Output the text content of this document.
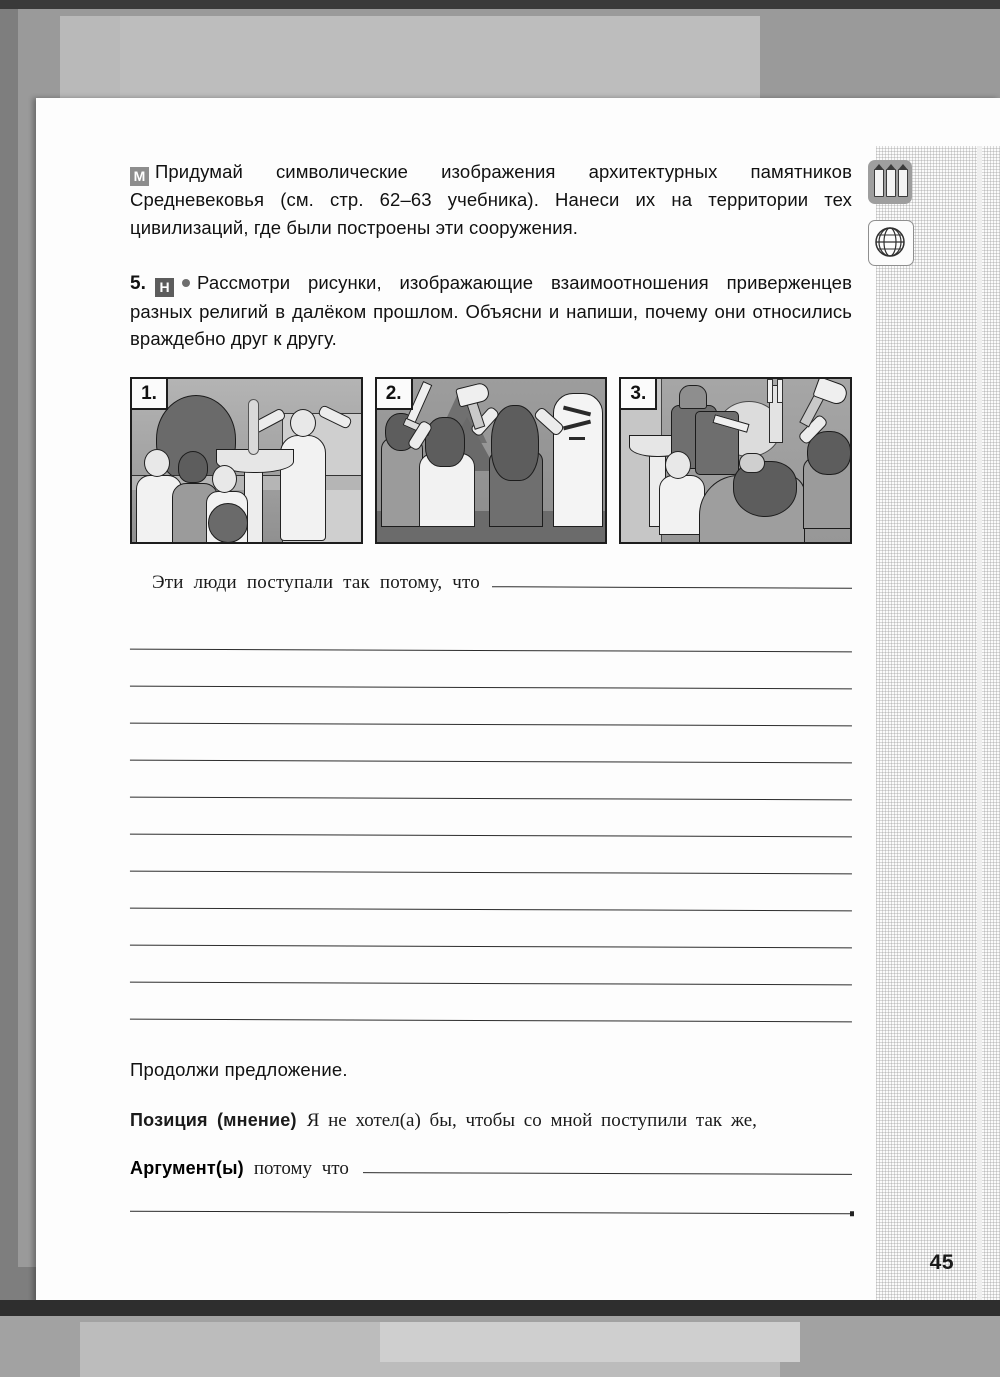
М Придумай символические изображения архитектурных памятников Средневековья (см. стр. 62–63 учебника). Нанеси их на территории тех цивилизаций, где были построены эти сооружения.

5. Н Рассмотри рисунки, изображающие взаимоотношения приверженцев разных религий в далёком прошлом. Объясни и напиши, почему они относились враждебно друг к другу.

1.	2.	3.
Эти люди поступали так потому, что
Продолжи предложение.
Позиция (мнение) Я не хотел(а) бы, чтобы со мной поступили так же,
Аргумент(ы) потому что
45
